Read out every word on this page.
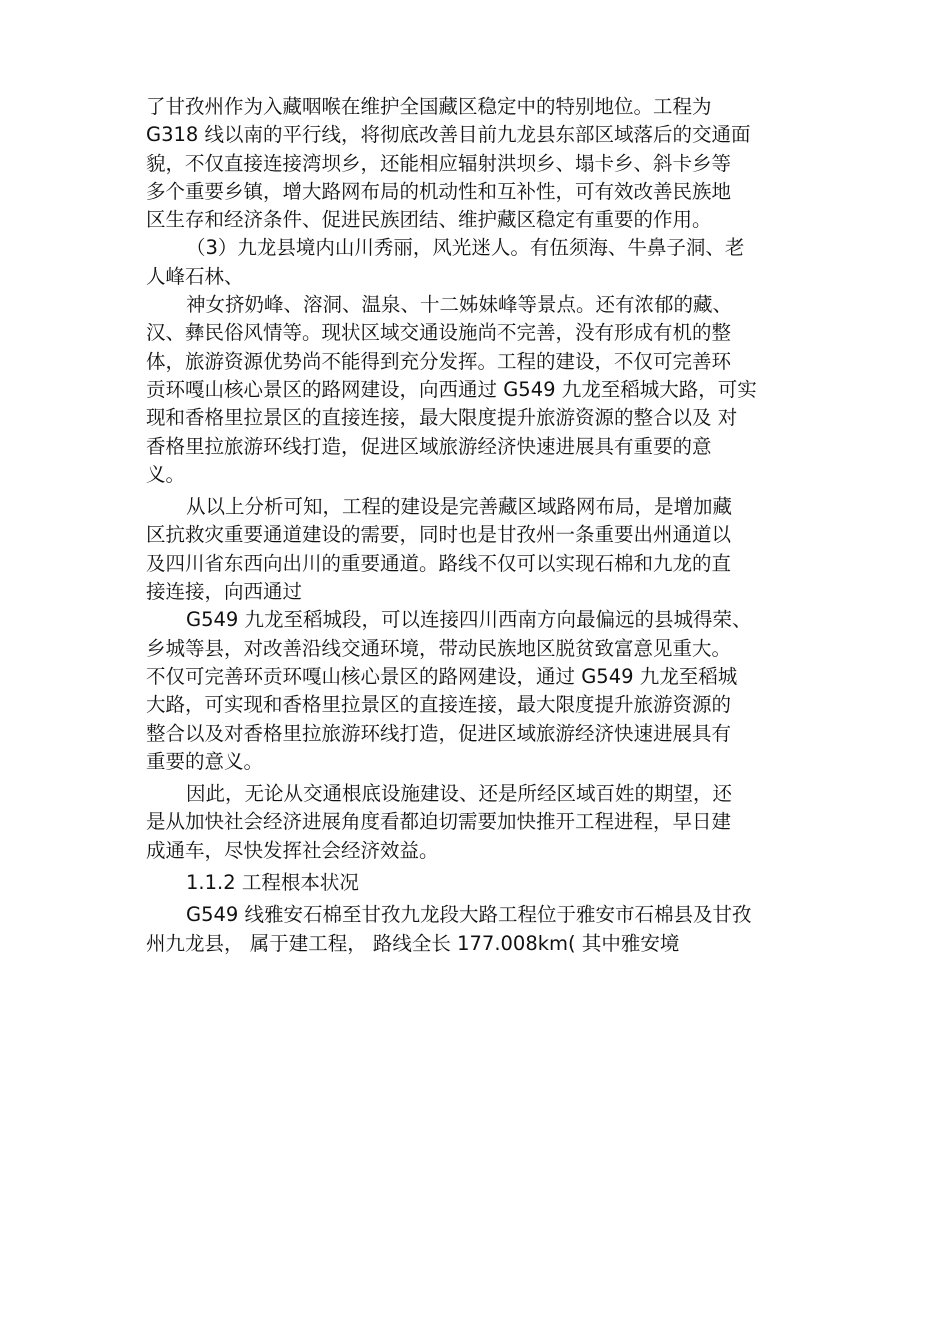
了甘孜州作为入藏咽喉在维护全国藏区稳定中的特别地位。工程为
G318 线以南的平行线，将彻底改善目前九龙县东部区域落后的交通面
貌，不仅直接连接湾坝乡，还能相应辐射洪坝乡、塌卡乡、斜卡乡等
多个重要乡镇，增大路网布局的机动性和互补性，可有效改善民族地
区生存和经济条件、促进民族团结、维护藏区稳定有重要的作用。
（3）九龙县境内山川秀丽，风光迷人。有伍须海、牛鼻子洞、老
人峰石林、
神女挤奶峰、溶洞、温泉、十二姊妹峰等景点。还有浓郁的藏、
汉、彝民俗风情等。现状区域交通设施尚不完善，没有形成有机的整
体，旅游资源优势尚不能得到充分发挥。工程的建设，不仅可完善环
贡环嘎山核心景区的路网建设，向西通过 G549 九龙至稻城大路，可实
现和香格里拉景区的直接连接，最大限度提升旅游资源的整合以及 对
香格里拉旅游环线打造，促进区域旅游经济快速进展具有重要的意
义。
从以上分析可知，工程的建设是完善藏区域路网布局，是增加藏
区抗救灾重要通道建设的需要，同时也是甘孜州一条重要出州通道以
及四川省东西向出川的重要通道。路线不仅可以实现石棉和九龙的直
接连接，向西通过
G549 九龙至稻城段，可以连接四川西南方向最偏远的县城得荣、
乡城等县，对改善沿线交通环境，带动民族地区脱贫致富意见重大。
不仅可完善环贡环嘎山核心景区的路网建设，通过 G549 九龙至稻城
大路，可实现和香格里拉景区的直接连接，最大限度提升旅游资源的
整合以及对香格里拉旅游环线打造，促进区域旅游经济快速进展具有
重要的意义。
因此，无论从交通根底设施建设、还是所经区域百姓的期望，还
是从加快社会经济进展角度看都迫切需要加快推开工程进程，早日建
成通车，尽快发挥社会经济效益。
1.1.2 工程根本状况
G549 线雅安石棉至甘孜九龙段大路工程位于雅安市石棉县及甘孜
州九龙县， 属于建工程， 路线全长 177.008km( 其中雅安境
